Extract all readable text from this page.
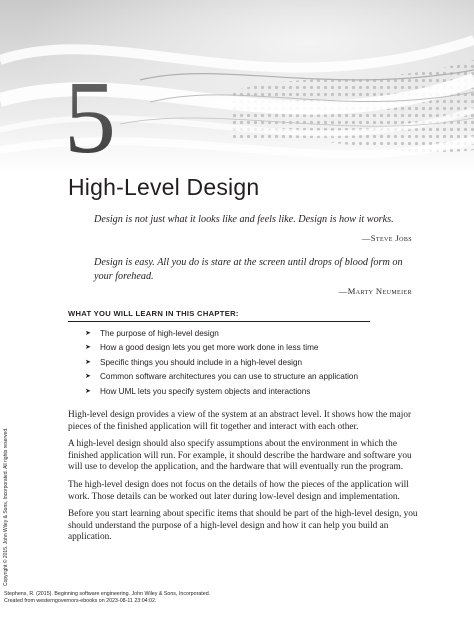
5
High-Level Design

Design is not just what it looks like and feels like. Design is how it works.

—Steve Jobs

Design is easy. All you do is stare at the screen until drops of blood form on your forehead.

—Marty Neumeier

WHAT YOU WILL LEARN IN THIS CHAPTER:
➤ The purpose of high-level design
➤ How a good design lets you get more work done in less time
➤ Specific things you should include in a high-level design
➤ Common software architectures you can use to structure an application
➤ How UML lets you specify system objects and interactions

High-level design provides a view of the system at an abstract level. It shows how the major pieces of the finished application will fit together and interact with each other.

A high-level design should also specify assumptions about the environment in which the finished application will run. For example, it should describe the hardware and software you will use to develop the application, and the hardware that will eventually run the program.

The high-level design does not focus on the details of how the pieces of the application will work. Those details can be worked out later during low-level design and implementation.

Before you start learning about specific items that should be part of the high-level design, you should understand the purpose of a high-level design and how it can help you build an application.

Copyright © 2015. John Wiley & Sons, Incorporated. All rights reserved.
Stephens, R. (2015). Beginning software engineering. John Wiley & Sons, Incorporated.
Created from westerngovernors-ebooks on 2023-08-11 23:04:02.
